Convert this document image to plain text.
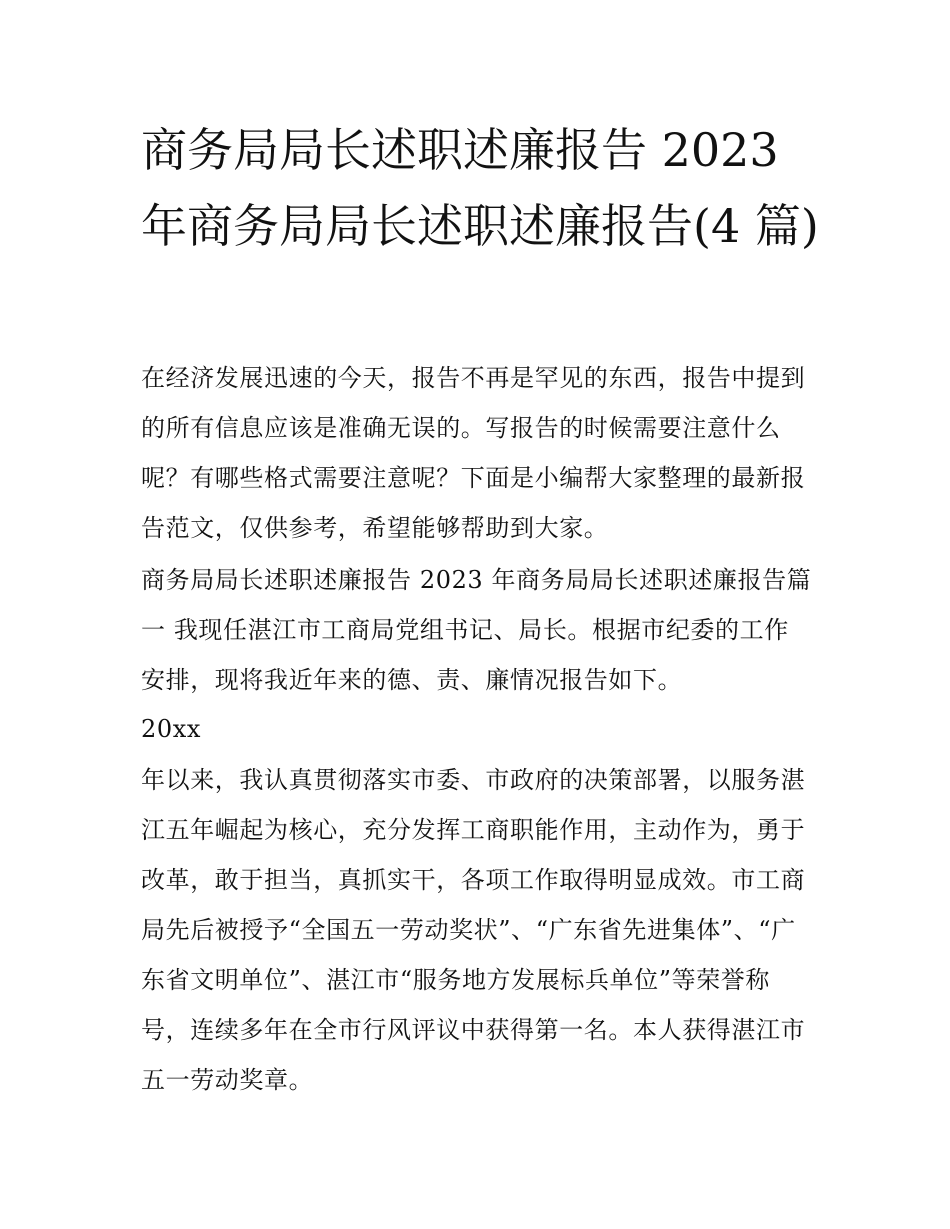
商务局局长述职述廉报告 2023 年商务局局长述职述廉报告(4 篇)

在经济发展迅速的今天，报告不再是罕见的东西，报告中提到的所有信息应该是准确无误的。写报告的时候需要注意什么呢？有哪些格式需要注意呢？下面是小编帮大家整理的最新报告范文，仅供参考，希望能够帮助到大家。

商务局局长述职述廉报告 2023 年商务局局长述职述廉报告篇一 我现任湛江市工商局党组书记、局长。根据市纪委的工作安排，现将我近年来的德、责、廉情况报告如下。

20xx

年以来，我认真贯彻落实市委、市政府的决策部署，以服务湛江五年崛起为核心，充分发挥工商职能作用，主动作为，勇于改革，敢于担当，真抓实干，各项工作取得明显成效。市工商局先后被授予“全国五一劳动奖状”、“广东省先进集体”、“广东省文明单位”、湛江市“服务地方发展标兵单位”等荣誉称号，连续多年在全市行风评议中获得第一名。本人获得湛江市五一劳动奖章。
